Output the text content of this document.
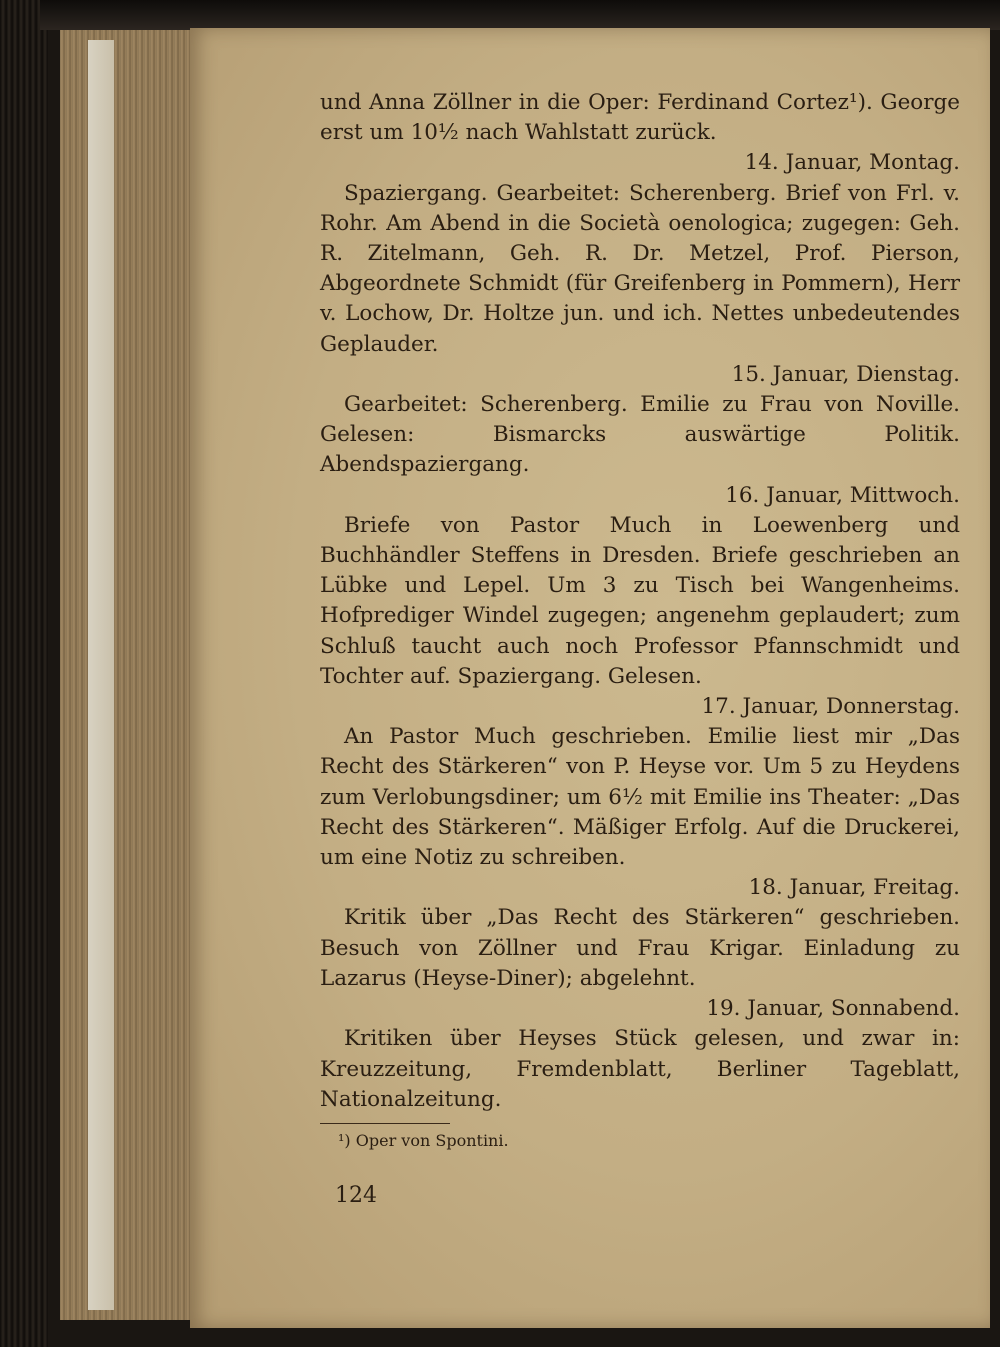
und Anna Zöllner in die Oper: Ferdinand Cortez¹). George erst um 10½ nach Wahlstatt zurück.

14. Januar, Montag.

Spaziergang. Gearbeitet: Scherenberg. Brief von Frl. v. Rohr. Am Abend in die Società oenologica; zugegen: Geh. R. Zitelmann, Geh. R. Dr. Metzel, Prof. Pierson, Abgeordnete Schmidt (für Greifenberg in Pommern), Herr v. Lochow, Dr. Holtze jun. und ich. Nettes unbedeutendes Geplauder.

15. Januar, Dienstag.

Gearbeitet: Scherenberg. Emilie zu Frau von Noville. Gelesen: Bismarcks auswärtige Politik. Abendspaziergang.

16. Januar, Mittwoch.

Briefe von Pastor Much in Loewenberg und Buchhändler Steffens in Dresden. Briefe geschrieben an Lübke und Lepel. Um 3 zu Tisch bei Wangenheims. Hofprediger Windel zugegen; angenehm geplaudert; zum Schluß taucht auch noch Professor Pfannschmidt und Tochter auf. Spaziergang. Gelesen.

17. Januar, Donnerstag.

An Pastor Much geschrieben. Emilie liest mir „Das Recht des Stärkeren“ von P. Heyse vor. Um 5 zu Heydens zum Verlobungsdiner; um 6½ mit Emilie ins Theater: „Das Recht des Stärkeren“. Mäßiger Erfolg. Auf die Druckerei, um eine Notiz zu schreiben.

18. Januar, Freitag.

Kritik über „Das Recht des Stärkeren“ geschrieben. Besuch von Zöllner und Frau Krigar. Einladung zu Lazarus (Heyse-Diner); abgelehnt.

19. Januar, Sonnabend.

Kritiken über Heyses Stück gelesen, und zwar in: Kreuzzeitung, Fremdenblatt, Berliner Tageblatt, Nationalzeitung.

¹) Oper von Spontini.
124
